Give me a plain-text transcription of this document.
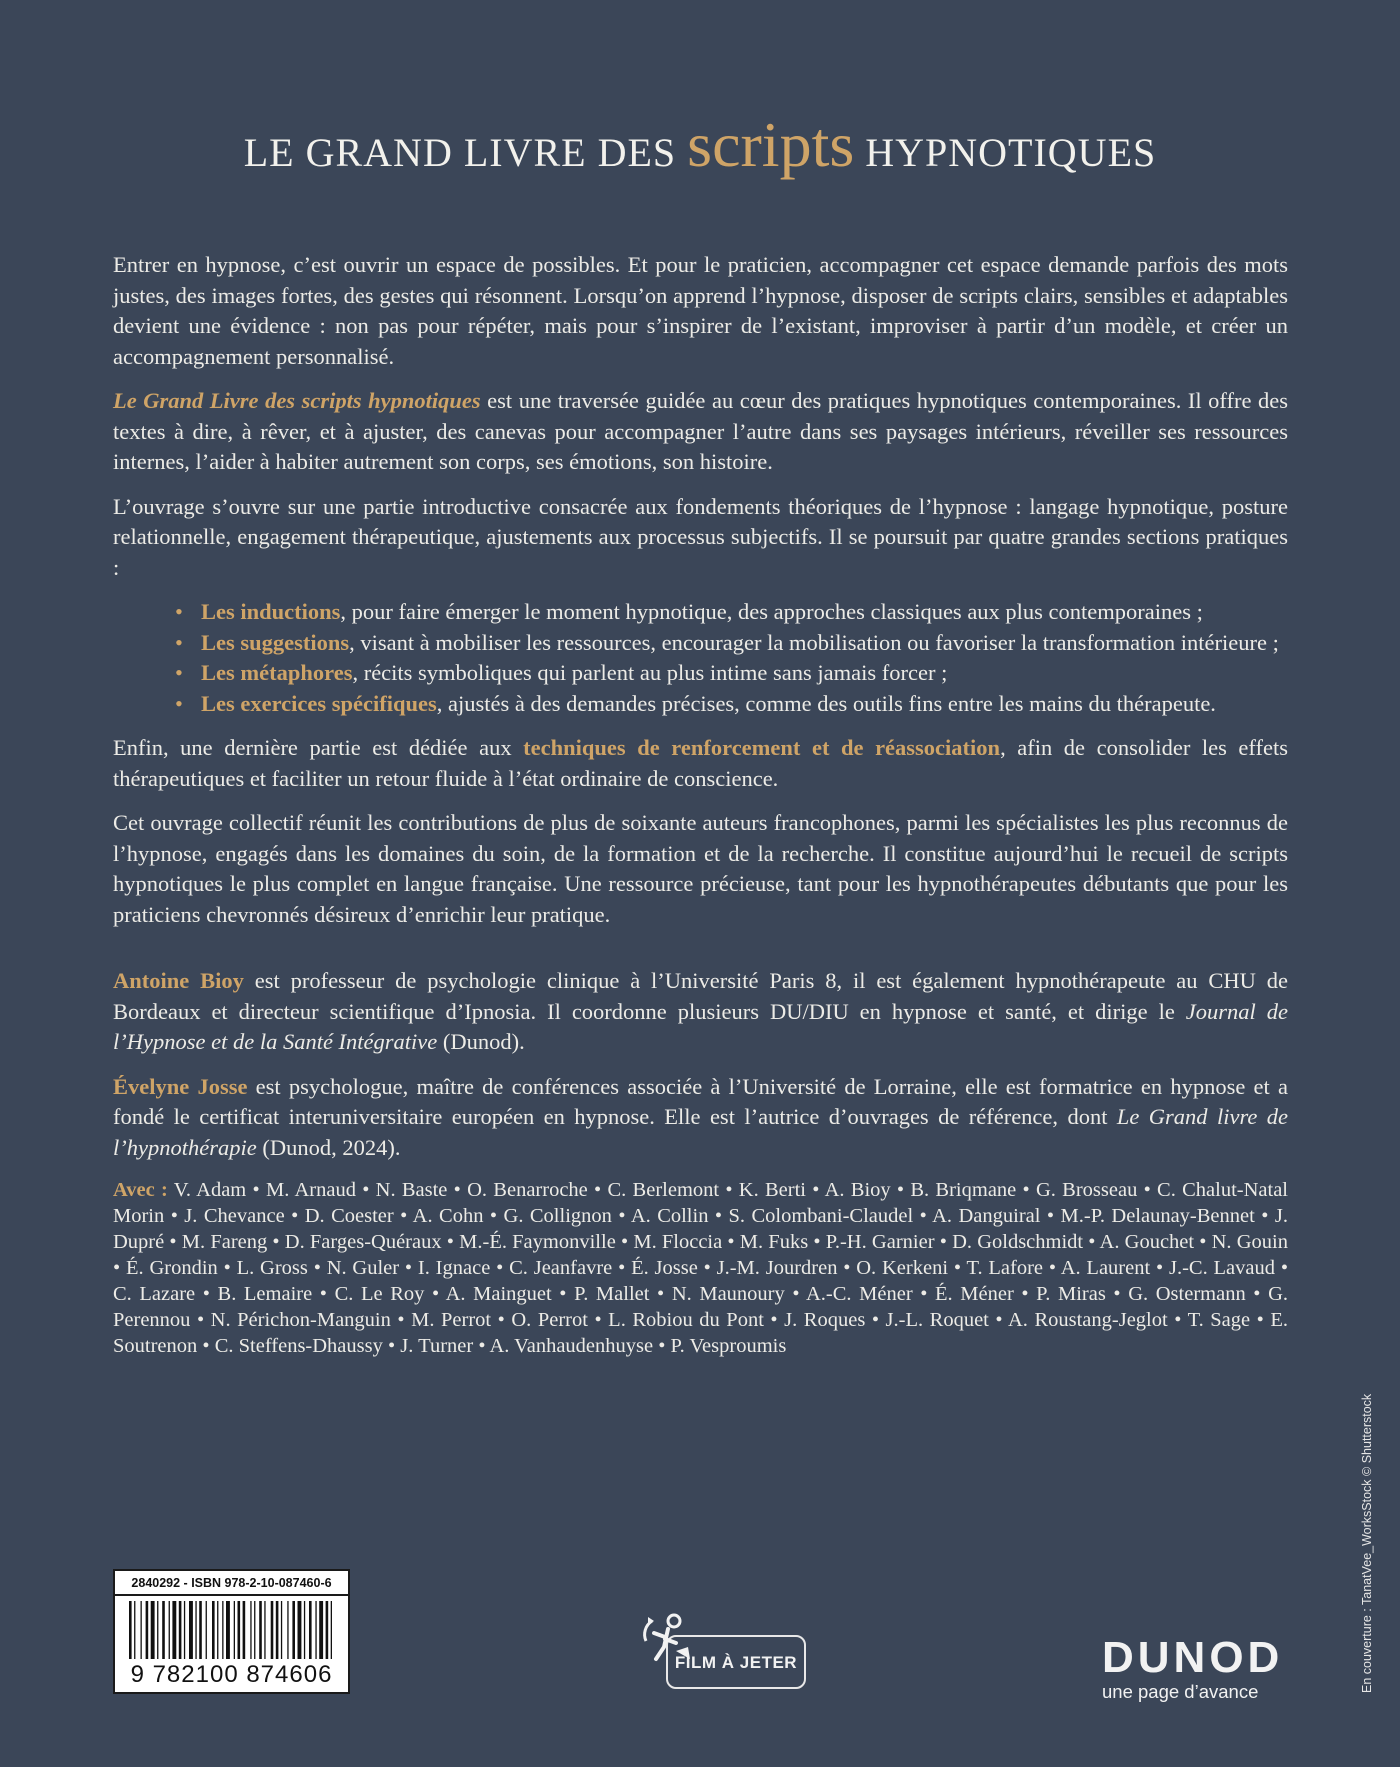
LE GRAND LIVRE DES scripts HYPNOTIQUES

Entrer en hypnose, c’est ouvrir un espace de possibles. Et pour le praticien, accompagner cet espace demande parfois des mots justes, des images fortes, des gestes qui résonnent. Lorsqu’on apprend l’hypnose, disposer de scripts clairs, sensibles et adaptables devient une évidence : non pas pour répéter, mais pour s’inspirer de l’existant, improviser à partir d’un modèle, et créer un accompagnement personnalisé.

Le Grand Livre des scripts hypnotiques est une traversée guidée au cœur des pratiques hypnotiques contemporaines. Il offre des textes à dire, à rêver, et à ajuster, des canevas pour accompagner l’autre dans ses paysages intérieurs, réveiller ses ressources internes, l’aider à habiter autrement son corps, ses émotions, son histoire.

L’ouvrage s’ouvre sur une partie introductive consacrée aux fondements théoriques de l’hypnose : langage hypnotique, posture relationnelle, engagement thérapeutique, ajustements aux processus subjectifs. Il se poursuit par quatre grandes sections pratiques :

• Les inductions, pour faire émerger le moment hypnotique, des approches classiques aux plus contemporaines ;
• Les suggestions, visant à mobiliser les ressources, encourager la mobilisation ou favoriser la transformation intérieure ;
• Les métaphores, récits symboliques qui parlent au plus intime sans jamais forcer ;
• Les exercices spécifiques, ajustés à des demandes précises, comme des outils fins entre les mains du thérapeute.

Enfin, une dernière partie est dédiée aux techniques de renforcement et de réassociation, afin de consolider les effets thérapeutiques et faciliter un retour fluide à l’état ordinaire de conscience.

Cet ouvrage collectif réunit les contributions de plus de soixante auteurs francophones, parmi les spécialistes les plus reconnus de l’hypnose, engagés dans les domaines du soin, de la formation et de la recherche. Il constitue aujourd’hui le recueil de scripts hypnotiques le plus complet en langue française. Une ressource précieuse, tant pour les hypnothérapeutes débutants que pour les praticiens chevronnés désireux d’enrichir leur pratique.

Antoine Bioy est professeur de psychologie clinique à l’Université Paris 8, il est également hypnothérapeute au CHU de Bordeaux et directeur scientifique d’Ipnosia. Il coordonne plusieurs DU/DIU en hypnose et santé, et dirige le Journal de l’Hypnose et de la Santé Intégrative (Dunod).

Évelyne Josse est psychologue, maître de conférences associée à l’Université de Lorraine, elle est formatrice en hypnose et a fondé le certificat interuniversitaire européen en hypnose. Elle est l’autrice d’ouvrages de référence, dont Le Grand livre de l’hypnothérapie (Dunod, 2024).

Avec : V. Adam • M. Arnaud • N. Baste • O. Benarroche • C. Berlemont • K. Berti • A. Bioy • B. Briqmane • G. Brosseau • C. Chalut-Natal Morin • J. Chevance • D. Coester • A. Cohn • G. Collignon • A. Collin • S. Colombani-Claudel • A. Danguiral • M.-P. Delaunay-Bennet • J. Dupré • M. Fareng • D. Farges-Quéraux • M.-É. Faymonville • M. Floccia • M. Fuks • P.-H. Garnier • D. Goldschmidt • A. Gouchet • N. Gouin • É. Grondin • L. Gross • N. Guler • I. Ignace • C. Jeanfavre • É. Josse • J.-M. Jourdren • O. Kerkeni • T. Lafore • A. Laurent • J.-C. Lavaud • C. Lazare • B. Lemaire • C. Le Roy • A. Mainguet • P. Mallet • N. Maunoury • A.-C. Méner • É. Méner • P. Miras • G. Ostermann • G. Perennou • N. Périchon-Manguin • M. Perrot • O. Perrot • L. Robiou du Pont • J. Roques • J.-L. Roquet • A. Roustang-Jeglot • T. Sage • E. Soutrenon • C. Steffens-Dhaussy • J. Turner • A. Vanhaudenhuyse • P. Vesproumis

2840292 - ISBN 978-2-10-087460-6
9 782100 874606	FILM À JETER	DUNOD
une page d’avance	En couverture : TanatVee_WorksStock © Shutterstock
